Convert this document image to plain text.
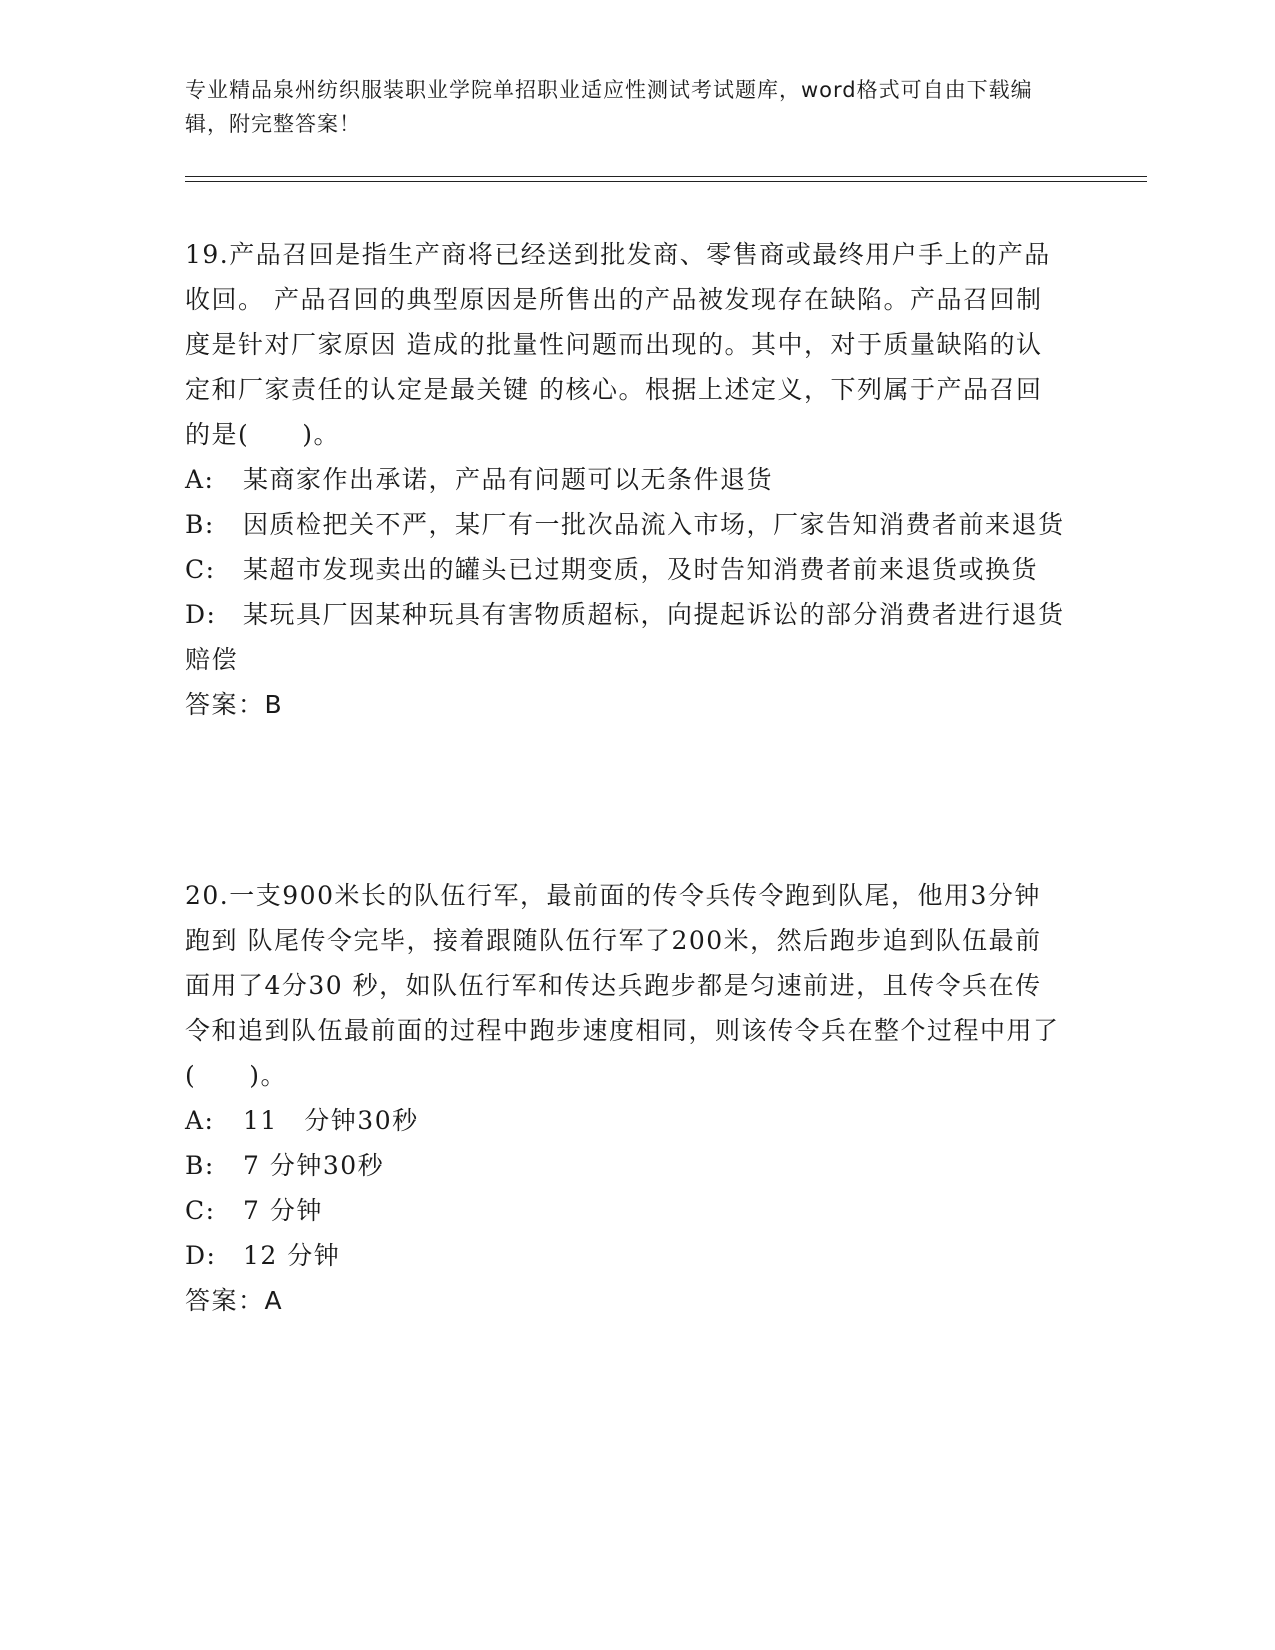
专业精品泉州纺织服装职业学院单招职业适应性测试考试题库，word格式可自由下载编辑，附完整答案！

19.产品召回是指生产商将已经送到批发商、零售商或最终用户手上的产品收回。 产品召回的典型原因是所售出的产品被发现存在缺陷。产品召回制度是针对厂家原因 造成的批量性问题而出现的。其中，对于质量缺陷的认定和厂家责任的认定是最关键 的核心。根据上述定义，下列属于产品召回的是(　　)。

A: 某商家作出承诺，产品有问题可以无条件退货

B: 因质检把关不严，某厂有一批次品流入市场，厂家告知消费者前来退货

C: 某超市发现卖出的罐头已过期变质，及时告知消费者前来退货或换货

D: 某玩具厂因某种玩具有害物质超标，向提起诉讼的部分消费者进行退货赔偿

答案：B

20.一支900米长的队伍行军，最前面的传令兵传令跑到队尾，他用3分钟跑到 队尾传令完毕，接着跟随队伍行军了200米，然后跑步追到队伍最前面用了4分30 秒，如队伍行军和传达兵跑步都是匀速前进，且传令兵在传令和追到队伍最前面的过程中跑步速度相同，则该传令兵在整个过程中用了(　　)。

A: 11　分钟30秒

B: 7 分钟30秒

C: 7 分钟

D: 12 分钟

答案：A
